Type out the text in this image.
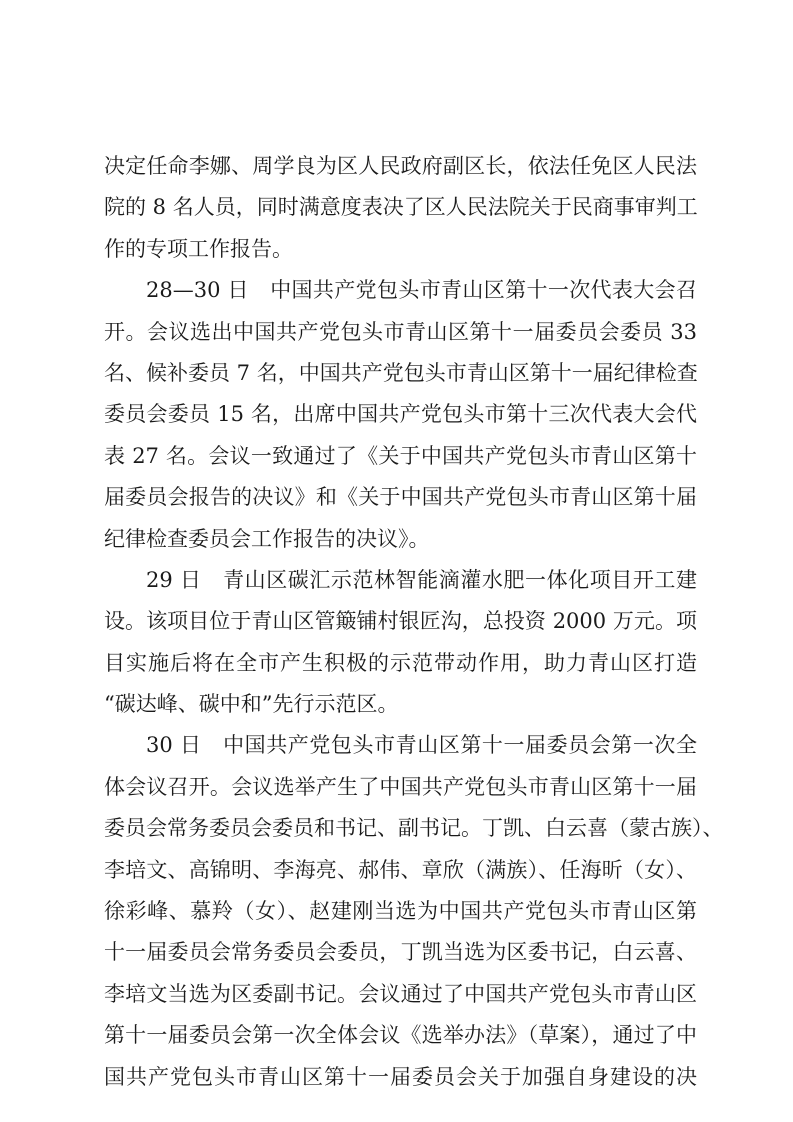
决定任命李娜、周学良为区人民政府副区长，依法任免区人民法
院的 8 名人员，同时满意度表决了区人民法院关于民商事审判工
作的专项工作报告。
28—30 日　中国共产党包头市青山区第十一次代表大会召
开。会议选出中国共产党包头市青山区第十一届委员会委员 33
名、候补委员 7 名，中国共产党包头市青山区第十一届纪律检查
委员会委员 15 名，出席中国共产党包头市第十三次代表大会代
表 27 名。会议一致通过了《关于中国共产党包头市青山区第十
届委员会报告的决议》和《关于中国共产党包头市青山区第十届
纪律检查委员会工作报告的决议》。
29 日　青山区碳汇示范林智能滴灌水肥一体化项目开工建
设。该项目位于青山区管簸铺村银匠沟，总投资 2000 万元。项
目实施后将在全市产生积极的示范带动作用，助力青山区打造
“碳达峰、碳中和”先行示范区。
30 日　中国共产党包头市青山区第十一届委员会第一次全
体会议召开。会议选举产生了中国共产党包头市青山区第十一届
委员会常务委员会委员和书记、副书记。丁凯、白云喜（蒙古族）、
李培文、高锦明、李海亮、郝伟、章欣（满族）、任海昕（女）、
徐彩峰、慕羚（女）、赵建刚当选为中国共产党包头市青山区第
十一届委员会常务委员会委员，丁凯当选为区委书记，白云喜、
李培文当选为区委副书记。会议通过了中国共产党包头市青山区
第十一届委员会第一次全体会议《选举办法》（草案），通过了中
国共产党包头市青山区第十一届委员会关于加强自身建设的决
